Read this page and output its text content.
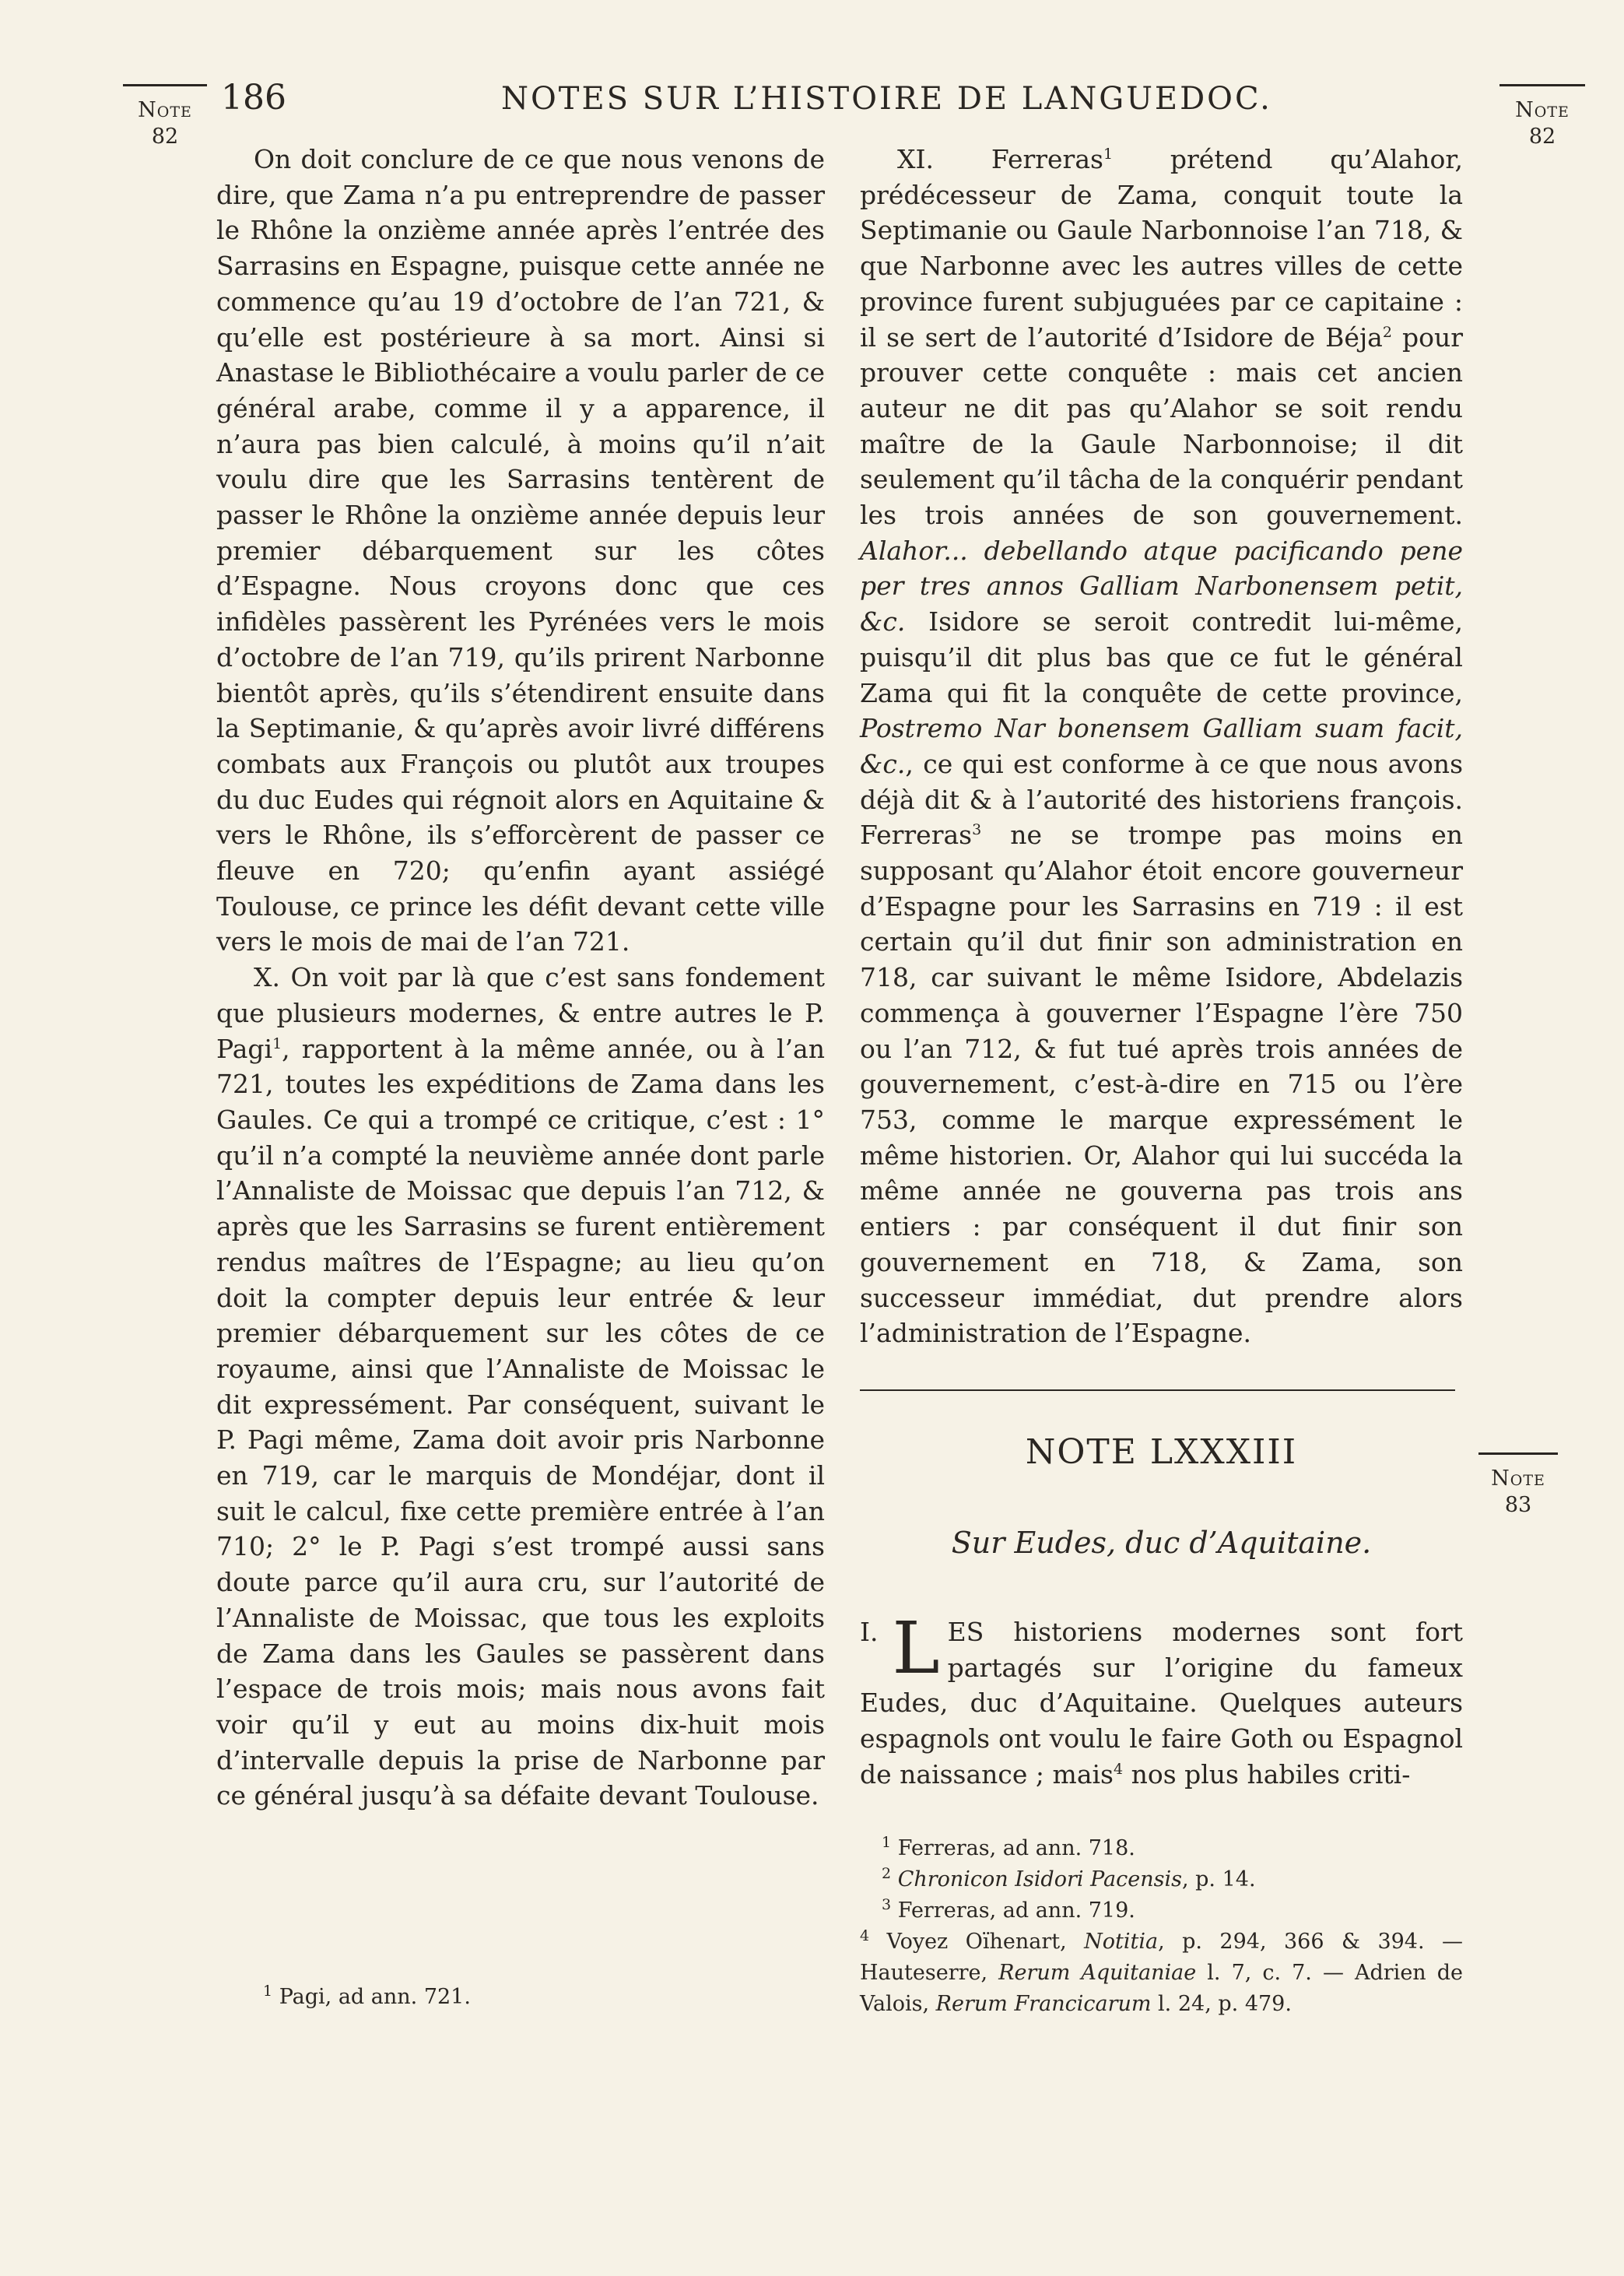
Note
82
Note
82
Note
83
186	NOTES SUR L’HISTOIRE DE LANGUEDOC.

On doit conclure de ce que nous venons de dire, que Zama n’a pu entreprendre de passer le Rhône la onzième année après l’entrée des Sarrasins en Espagne, puisque cette année ne commence qu’au 19 d’octobre de l’an 721, & qu’elle est postérieure à sa mort. Ainsi si Anastase le Bibliothécaire a voulu parler de ce général arabe, comme il y a apparence, il n’aura pas bien calculé, à moins qu’il n’ait voulu dire que les Sarrasins tentèrent de passer le Rhône la onzième année depuis leur premier débarquement sur les côtes d’Espagne. Nous croyons donc que ces infidèles passèrent les Pyrénées vers le mois d’octobre de l’an 719, qu’ils prirent Narbonne bientôt après, qu’ils s’étendirent ensuite dans la Septimanie, & qu’après avoir livré différens combats aux François ou plutôt aux troupes du duc Eudes qui régnoit alors en Aquitaine & vers le Rhône, ils s’efforcèrent de passer ce fleuve en 720; qu’enfin ayant assiégé Toulouse, ce prince les défit devant cette ville vers le mois de mai de l’an 721.

X. On voit par là que c’est sans fondement que plusieurs modernes, & entre autres le P. Pagi$^1$, rapportent à la même année, ou à l’an 721, toutes les expéditions de Zama dans les Gaules. Ce qui a trompé ce critique, c’est : 1° qu’il n’a compté la neuvième année dont parle l’Annaliste de Moissac que depuis l’an 712, & après que les Sarrasins se furent entièrement rendus maîtres de l’Espagne; au lieu qu’on doit la compter depuis leur entrée & leur premier débarquement sur les côtes de ce royaume, ainsi que l’Annaliste de Moissac le dit expressément. Par conséquent, suivant le P. Pagi même, Zama doit avoir pris Narbonne en 719, car le marquis de Mondéjar, dont il suit le calcul, fixe cette première entrée à l’an 710; 2° le P. Pagi s’est trompé aussi sans doute parce qu’il aura cru, sur l’autorité de l’Annaliste de Moissac, que tous les exploits de Zama dans les Gaules se passèrent dans l’espace de trois mois; mais nous avons fait voir qu’il y eut au moins dix-huit mois d’intervalle depuis la prise de Narbonne par ce général jusqu’à sa défaite devant Toulouse.

XI. Ferreras$^1$ prétend qu’Alahor, prédécesseur de Zama, conquit toute la Septimanie ou Gaule Narbonnoise l’an 718, & que Narbonne avec les autres villes de cette province furent subjuguées par ce capitaine : il se sert de l’autorité d’Isidore de Béja$^2$ pour prouver cette conquête : mais cet ancien auteur ne dit pas qu’Alahor se soit rendu maître de la Gaule Narbonnoise; il dit seulement qu’il tâcha de la conquérir pendant les trois années de son gouvernement. Alahor... debellando atque pacificando pene per tres annos Galliam Narbonensem petit, &c. Isidore se seroit contredit lui-même, puisqu’il dit plus bas que ce fut le général Zama qui fit la conquête de cette province, Postremo Nar bonensem Galliam suam facit, &c., ce qui est conforme à ce que nous avons déjà dit & à l’autorité des historiens françois. Ferreras$^3$ ne se trompe pas moins en supposant qu’Alahor étoit encore gouverneur d’Espagne pour les Sarrasins en 719 : il est certain qu’il dut finir son administration en 718, car suivant le même Isidore, Abdelazis commença à gouverner l’Espagne l’ère 750 ou l’an 712, & fut tué après trois années de gouvernement, c’est-à-dire en 715 ou l’ère 753, comme le marque expressément le même historien. Or, Alahor qui lui succéda la même année ne gouverna pas trois ans entiers : par conséquent il dut finir son gouvernement en 718, & Zama, son successeur immédiat, dut prendre alors l’administration de l’Espagne.

NOTE LXXXIII
Sur Eudes, duc d’Aquitaine.

I. L ES historiens modernes sont fort partagés sur l’origine du fameux Eudes, duc d’Aquitaine. Quelques auteurs espagnols ont voulu le faire Goth ou Espagnol de naissance ; mais$^4$ nos plus habiles criti-

$^1$ Pagi, ad ann. 721.

$^1$ Ferreras, ad ann. 718.

$^2$ Chronicon Isidori Pacensis, p. 14.

$^3$ Ferreras, ad ann. 719.

$^4$ Voyez Oïhenart, Notitia, p. 294, 366 & 394. — Hauteserre, Rerum Aquitaniae l. 7, c. 7. — Adrien de Valois, Rerum Francicarum l. 24, p. 479.
